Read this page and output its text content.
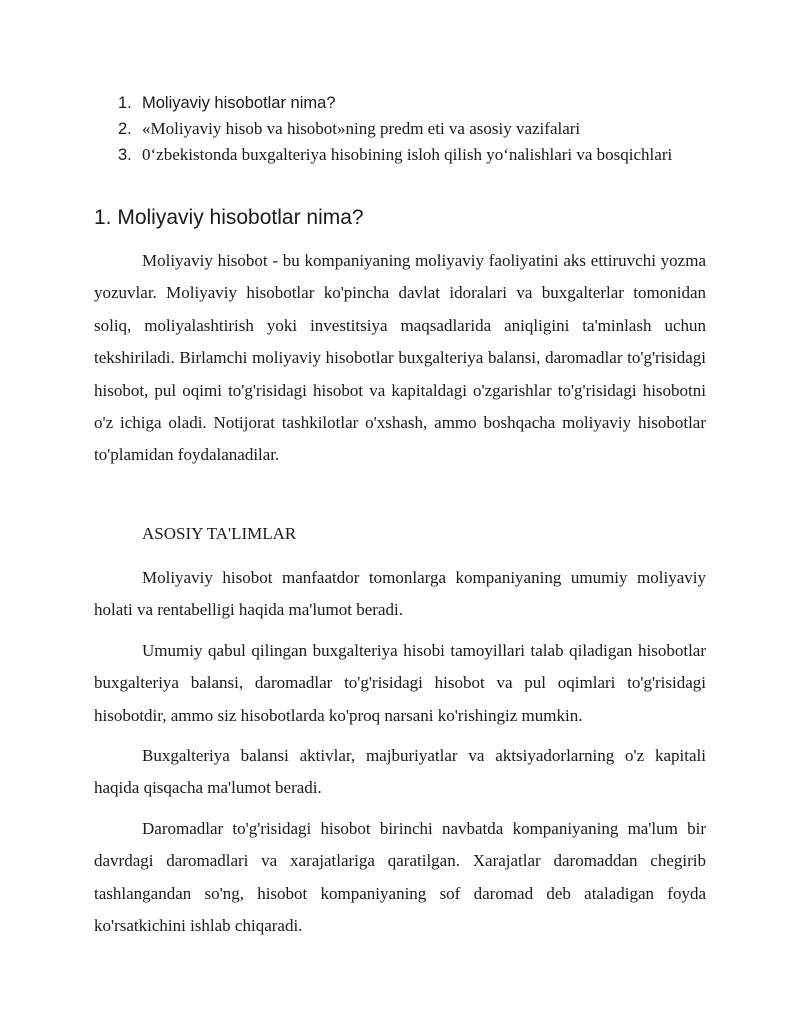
1. Moliyaviy hisobotlar nima?
2. «Moliyaviy hisob va hisobot»ning predm eti va asosiy vazifalari
3. 0‘zbekistonda buxgalteriya hisobining isloh qilish yo‘nalishlari va bosqichlari
1. Moliyaviy hisobotlar nima?

Moliyaviy hisobot - bu kompaniyaning moliyaviy faoliyatini aks ettiruvchi yozma yozuvlar. Moliyaviy hisobotlar ko'pincha davlat idoralari va buxgalterlar tomonidan soliq, moliyalashtirish yoki investitsiya maqsadlarida aniqligini ta'minlash uchun tekshiriladi. Birlamchi moliyaviy hisobotlar buxgalteriya balansi, daromadlar to'g'risidagi hisobot, pul oqimi to'g'risidagi hisobot va kapitaldagi o'zgarishlar to'g'risidagi hisobotni o'z ichiga oladi. Notijorat tashkilotlar o'xshash, ammo boshqacha moliyaviy hisobotlar to'plamidan foydalanadilar.

ASOSIY TA'LIMLAR

Moliyaviy hisobot manfaatdor tomonlarga kompaniyaning umumiy moliyaviy holati va rentabelligi haqida ma'lumot beradi.

Umumiy qabul qilingan buxgalteriya hisobi tamoyillari talab qiladigan hisobotlar buxgalteriya balansi, daromadlar to'g'risidagi hisobot va pul oqimlari to'g'risidagi hisobotdir, ammo siz hisobotlarda ko'proq narsani ko'rishingiz mumkin.

Buxgalteriya balansi aktivlar, majburiyatlar va aktsiyadorlarning o'z kapitali haqida qisqacha ma'lumot beradi.

Daromadlar to'g'risidagi hisobot birinchi navbatda kompaniyaning ma'lum bir davrdagi daromadlari va xarajatlariga qaratilgan. Xarajatlar daromaddan chegirib tashlangandan so'ng, hisobot kompaniyaning sof daromad deb ataladigan foyda ko'rsatkichini ishlab chiqaradi.
